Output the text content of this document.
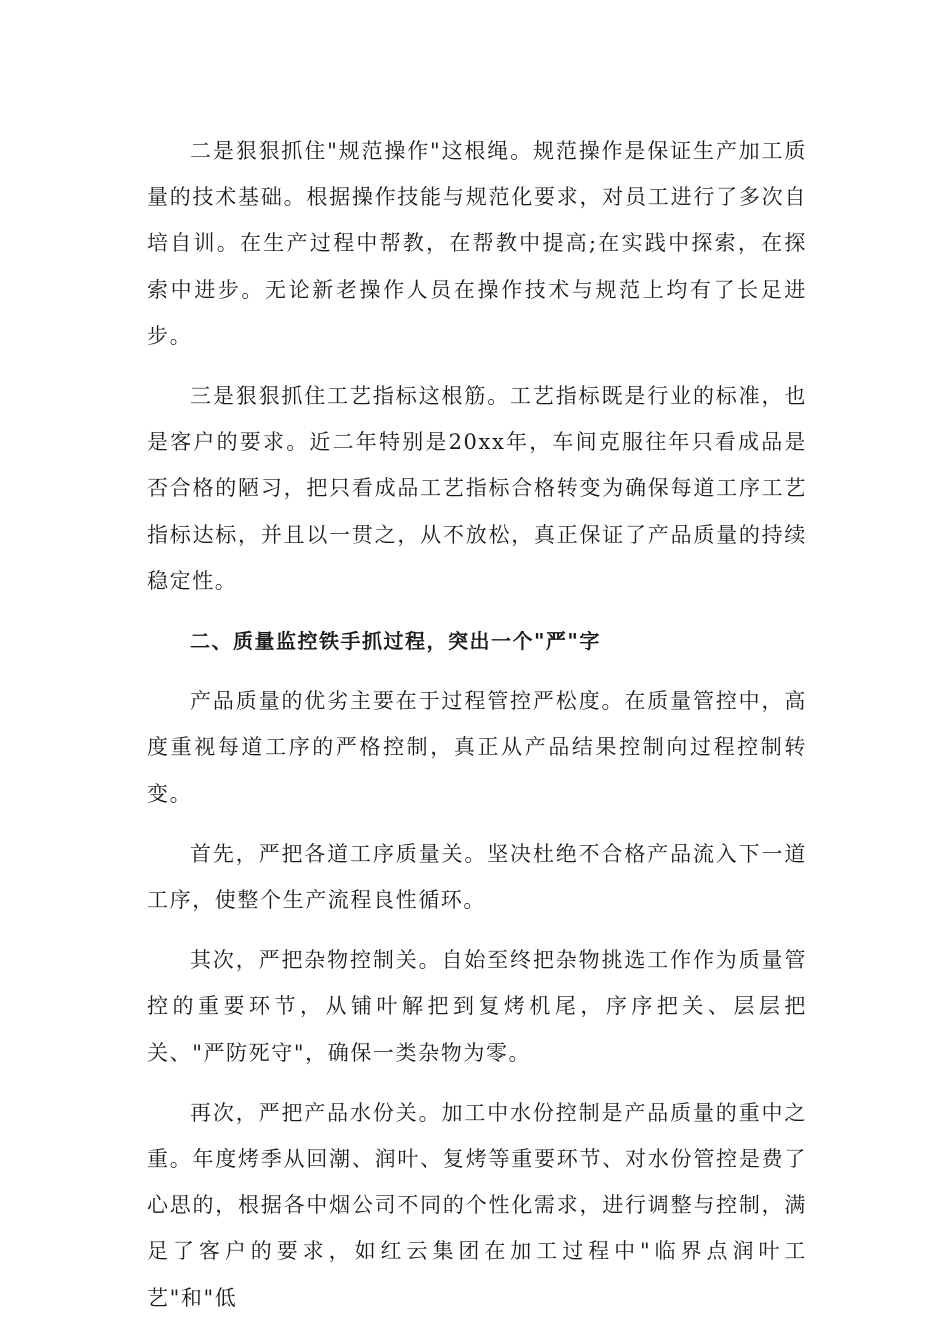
二是狠狠抓住"规范操作"这根绳。规范操作是保证生产加工质量的技术基础。根据操作技能与规范化要求，对员工进行了多次自培自训。在生产过程中帮教，在帮教中提高;在实践中探索，在探索中进步。无论新老操作人员在操作技术与规范上均有了长足进步。

三是狠狠抓住工艺指标这根筋。工艺指标既是行业的标准，也是客户的要求。近二年特别是20xx年，车间克服往年只看成品是否合格的陋习，把只看成品工艺指标合格转变为确保每道工序工艺指标达标，并且以一贯之，从不放松，真正保证了产品质量的持续稳定性。

二、质量监控铁手抓过程，突出一个"严"字

产品质量的优劣主要在于过程管控严松度。在质量管控中，高度重视每道工序的严格控制，真正从产品结果控制向过程控制转变。

首先，严把各道工序质量关。坚决杜绝不合格产品流入下一道工序，使整个生产流程良性循环。

其次，严把杂物控制关。自始至终把杂物挑选工作作为质量管控的重要环节，从铺叶解把到复烤机尾，序序把关、层层把关、"严防死守"，确保一类杂物为零。

再次，严把产品水份关。加工中水份控制是产品质量的重中之重。年度烤季从回潮、润叶、复烤等重要环节、对水份管控是费了心思的，根据各中烟公司不同的个性化需求，进行调整与控制，满足了客户的要求，如红云集团在加工过程中"临界点润叶工艺"和"低
